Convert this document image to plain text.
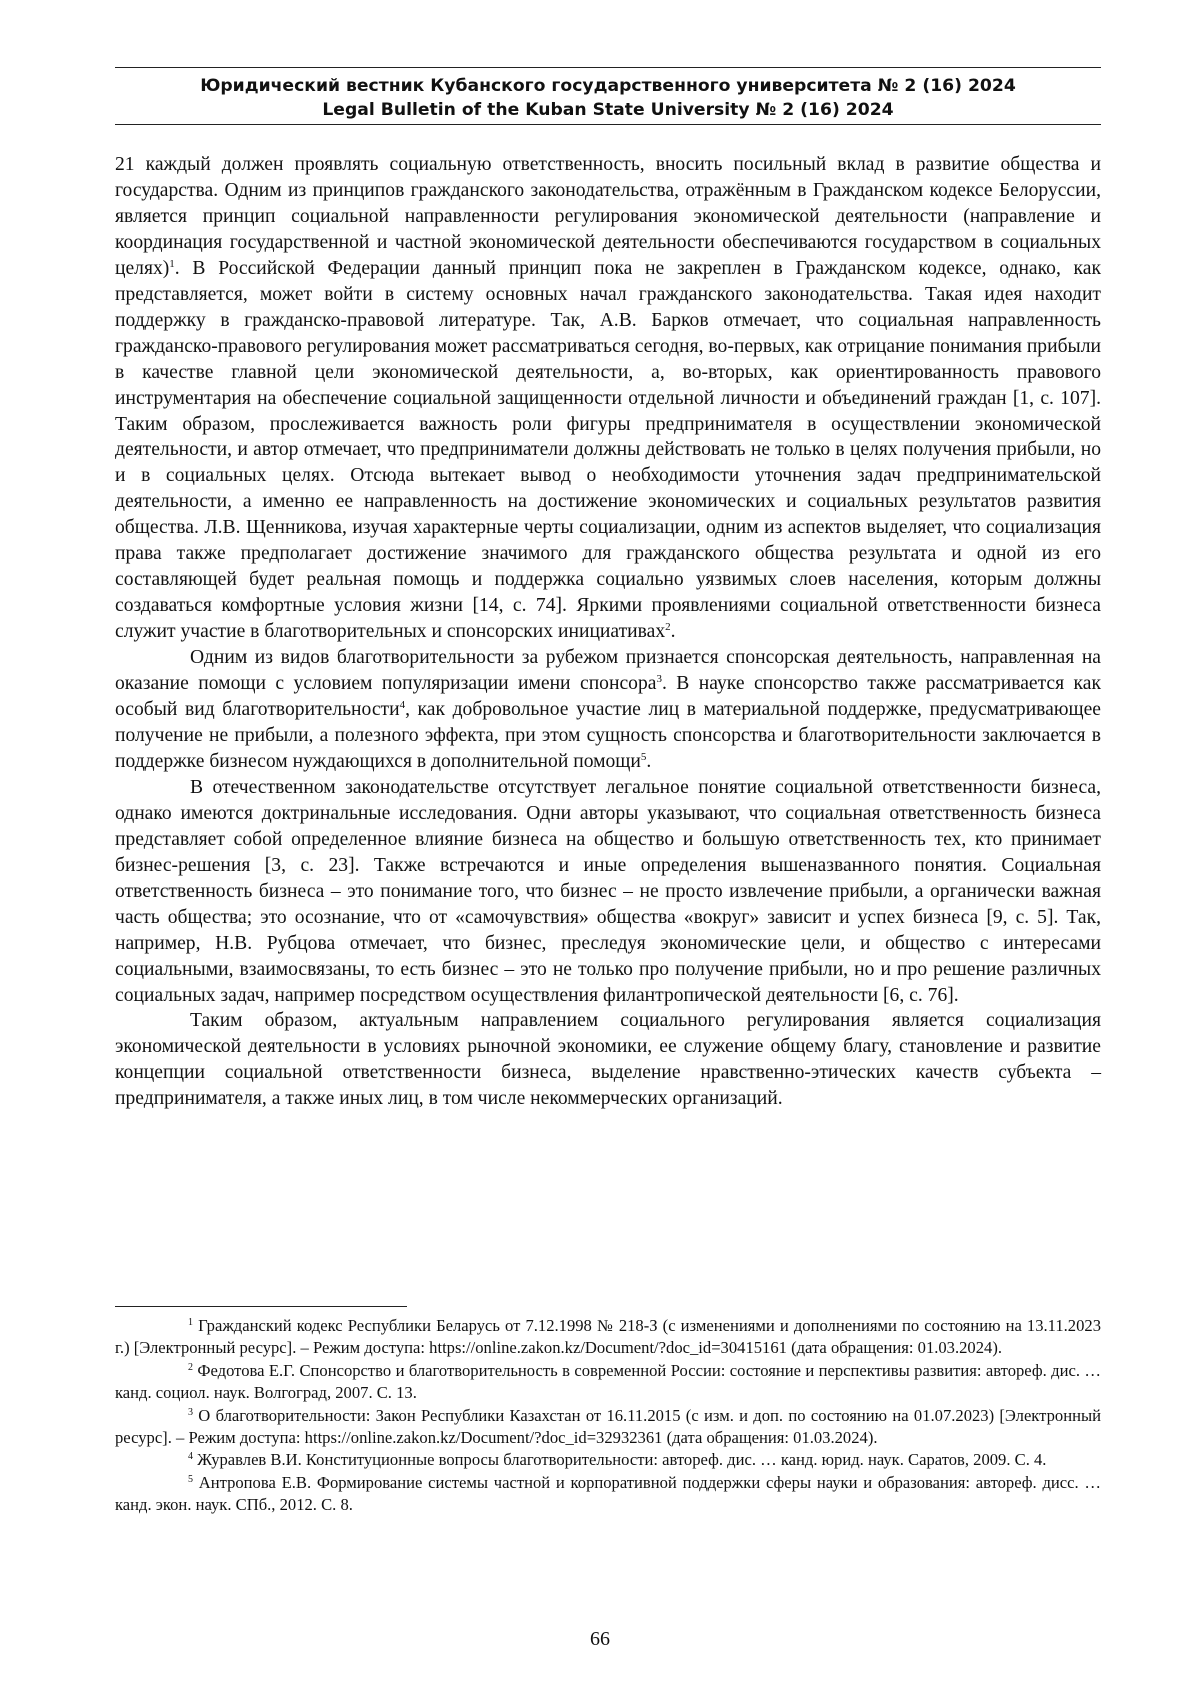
Юридический вестник Кубанского государственного университета № 2 (16) 2024
Legal Bulletin of the Kuban State University № 2 (16) 2024

21 каждый должен проявлять социальную ответственность, вносить посильный вклад в развитие общества и государства. Одним из принципов гражданского законодательства, отражённым в Гражданском кодексе Белоруссии, является принцип социальной направленности регулирования экономической деятельности (направление и координация государственной и частной экономической деятельности обеспечиваются государством в социальных целях)$^1$. В Российской Федерации данный принцип пока не закреплен в Гражданском кодексе, однако, как представляется, может войти в систему основных начал гражданского законодательства. Такая идея находит поддержку в гражданско-правовой литературе. Так, А.В. Барков отмечает, что социальная направленность гражданско-правового регулирования может рассматриваться сегодня, во-первых, как отрицание понимания прибыли в качестве главной цели экономической деятельности, а, во-вторых, как ориентированность правового инструментария на обеспечение социальной защищенности отдельной личности и объединений граждан [1, с. 107]. Таким образом, прослеживается важность роли фигуры предпринимателя в осуществлении экономической деятельности, и автор отмечает, что предприниматели должны действовать не только в целях получения прибыли, но и в социальных целях. Отсюда вытекает вывод о необходимости уточнения задач предпринимательской деятельности, а именно ее направленность на достижение экономических и социальных результатов развития общества. Л.В. Щенникова, изучая характерные черты социализации, одним из аспектов выделяет, что социализация права также предполагает достижение значимого для гражданского общества результата и одной из его составляющей будет реальная помощь и поддержка социально уязвимых слоев населения, которым должны создаваться комфортные условия жизни [14, с. 74]. Яркими проявлениями социальной ответственности бизнеса служит участие в благотворительных и спонсорских инициативах$^2$.

Одним из видов благотворительности за рубежом признается спонсорская деятельность, направленная на оказание помощи с условием популяризации имени спонсора$^3$. В науке спонсорство также рассматривается как особый вид благотворительности$^4$, как добровольное участие лиц в материальной поддержке, предусматривающее получение не прибыли, а полезного эффекта, при этом сущность спонсорства и благотворительности заключается в поддержке бизнесом нуждающихся в дополнительной помощи$^5$.

В отечественном законодательстве отсутствует легальное понятие социальной ответственности бизнеса, однако имеются доктринальные исследования. Одни авторы указывают, что социальная ответственность бизнеса представляет собой определенное влияние бизнеса на общество и большую ответственность тех, кто принимает бизнес-решения [3, с. 23]. Также встречаются и иные определения вышеназванного понятия. Социальная ответственность бизнеса – это понимание того, что бизнес – не просто извлечение прибыли, а органически важная часть общества; это осознание, что от «самочувствия» общества «вокруг» зависит и успех бизнеса [9, с. 5]. Так, например, Н.В. Рубцова отмечает, что бизнес, преследуя экономические цели, и общество с интересами социальными, взаимосвязаны, то есть бизнес – это не только про получение прибыли, но и про решение различных социальных задач, например посредством осуществления филантропической деятельности [6, с. 76].

Таким образом, актуальным направлением социального регулирования является социализация экономической деятельности в условиях рыночной экономики, ее служение общему благу, становление и развитие концепции социальной ответственности бизнеса, выделение нравственно-этических качеств субъекта – предпринимателя, а также иных лиц, в том числе некоммерческих организаций.

$^1$ Гражданский кодекс Республики Беларусь от 7.12.1998 № 218-З (с изменениями и дополнениями по состоянию на 13.11.2023 г.) [Электронный ресурс]. – Режим доступа: https://online.zakon.kz/Document/?doc_id=30415161 (дата обращения: 01.03.2024).

$^2$ Федотова Е.Г. Спонсорство и благотворительность в современной России: состояние и перспективы развития: автореф. дис. … канд. социол. наук. Волгоград, 2007. С. 13.

$^3$ О благотворительности: Закон Республики Казахстан от 16.11.2015 (с изм. и доп. по состоянию на 01.07.2023) [Электронный ресурс]. – Режим доступа: https://online.zakon.kz/Document/?doc_id=32932361 (дата обращения: 01.03.2024).

$^4$ Журавлев В.И. Конституционные вопросы благотворительности: автореф. дис. … канд. юрид. наук. Саратов, 2009. С. 4.

$^5$ Антропова Е.В. Формирование системы частной и корпоративной поддержки сферы науки и образования: автореф. дисс. …канд. экон. наук. СПб., 2012. С. 8.

66
